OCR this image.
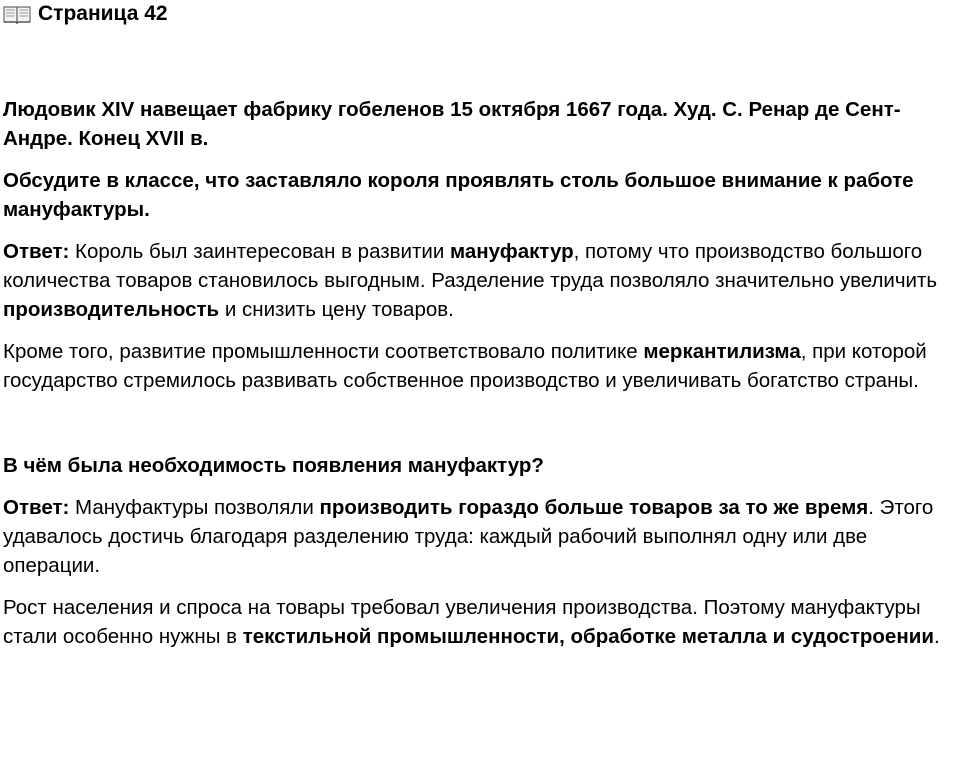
Страница 42

Людовик XIV навещает фабрику гобеленов 15 октября 1667 года. Худ. С. Ренар де Сент-Андре. Конец XVII в.

Обсудите в классе, что заставляло короля проявлять столь большое внимание к работе мануфактуры.

Ответ: Король был заинтересован в развитии мануфактур, потому что производство большого количества товаров становилось выгодным. Разделение труда позволяло значительно увеличить производительность и снизить цену товаров.

Кроме того, развитие промышленности соответствовало политике меркантилизма, при которой государство стремилось развивать собственное производство и увеличивать богатство страны.

В чём была необходимость появления мануфактур?

Ответ: Мануфактуры позволяли производить гораздо больше товаров за то же время. Этого удавалось достичь благодаря разделению труда: каждый рабочий выполнял одну или две операции.

Рост населения и спроса на товары требовал увеличения производства. Поэтому мануфактуры стали особенно нужны в текстильной промышленности, обработке металла и судостроении.
